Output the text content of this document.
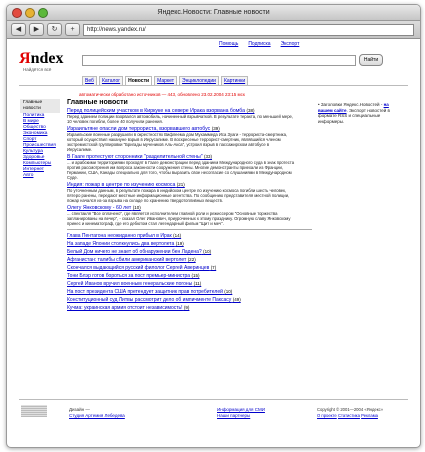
Яндекс.Новости: Главные новости
◀	▶	↻	+	http://news.yandex.ru/
Яndex
Найдётся всё
Помощь Подписка Экспорт
Найти
Веб	Каталог	Новости	Маркет	Энциклопедии	Картинки
автоматически обработано источников — 443, обновлено 23.02.2004 23:15 мск
Главные новости
Политика
В мире
Общество
Экономика
Спорт
Происшествия
Культура
Здоровье
Компьютеры
Интернет
Авто
Главные новости
Перед полицейским участком в Киркуке на севере Ирака взорвана бомба (38)
Перед зданием полиции взорвался автомобиль, начиненный взрывчаткой. В результате теракта, по меньшей мере, 10 человек погибли, более 40 получили ранения.
Израильтяне опасли дом террориста, взорвавшего автобус (39)
Израильские военные разрушили в окрестностях Вифлеема дом Мухаммеда Иса Зуаги - террориста-смертника, который осуществил накануне взрыв в Иерусалиме. В воскресенье террорист-смертник, являвшийся членом экстремистской группировки "Бригады мучеников Аль-Акса", устроил взрыв в пассажирском автобусе в Иерусалиме.
В Гааге протестуют сторонники "разделительной стены" (33)
... и арабскими территориями проходят в Гааге демонстрации перед зданием Международного суда в знак протеста против рассмотрения им вопроса законности сооружения стены. Многие демонстранты приехали из Франции, Германии, США, Канады специально для того, чтобы выразить свое несогласие со слушаниями в Международном Суде.
Индия: пожар в центре по изучению космоса (21)
По уточненным данным, в результате пожара в индийском центре по изучению космоса погибли шесть человек, пятеро ранены, передают местные информационные агентства. По сообщению представителя местной полиции, пожар начался из-за взрыва на складе по хранению твердотопливных веществ.
Олегу Янковскому - 60 лет (10)
... спектакля "Все оплачено", где является исполнителем главной роли и режиссером "Основные торжества запланированы на вечер", - сказал Олег Иванович, приуроченных к этому празднику. Огромную славу Янковскому принес и кинематограф, где его дебютом стал легендарный фильм "Щит и меч".
Глава Пентагона неожиданно прибыл в Ирак (14)
На западе Японии столкнулись два вертолета (19)
Белый Дом ничего не знает об обнаружении бен Ладена? (10)
Афганистан: талибы сбили американский вертолет (22)
Скончался выдающийся русский филолог Сергей Аверинцев (7)
Тони Блэр готов бороться за пост премьер-министра (15)
Сергей Иванов вручил военным генеральские погоны (11)
На пост президента США претендует защитник прав потребителей (10)
Конституционный суд Литвы рассмотрит дело об импичменте Паксасу (49)
Кучма: украинская армия отстоит независимость! (9)
• Заголовки Яндекс.Новостей - на вашем сайте. Экспорт новостей в формате RSS и специальные информеры.
Дизайн —
Студия Артемия Лебедева
Информация для СМИ
Наши партнеры
Copyright © 2001—2004 «Яндекс»
О проекте Статистика Реклама
